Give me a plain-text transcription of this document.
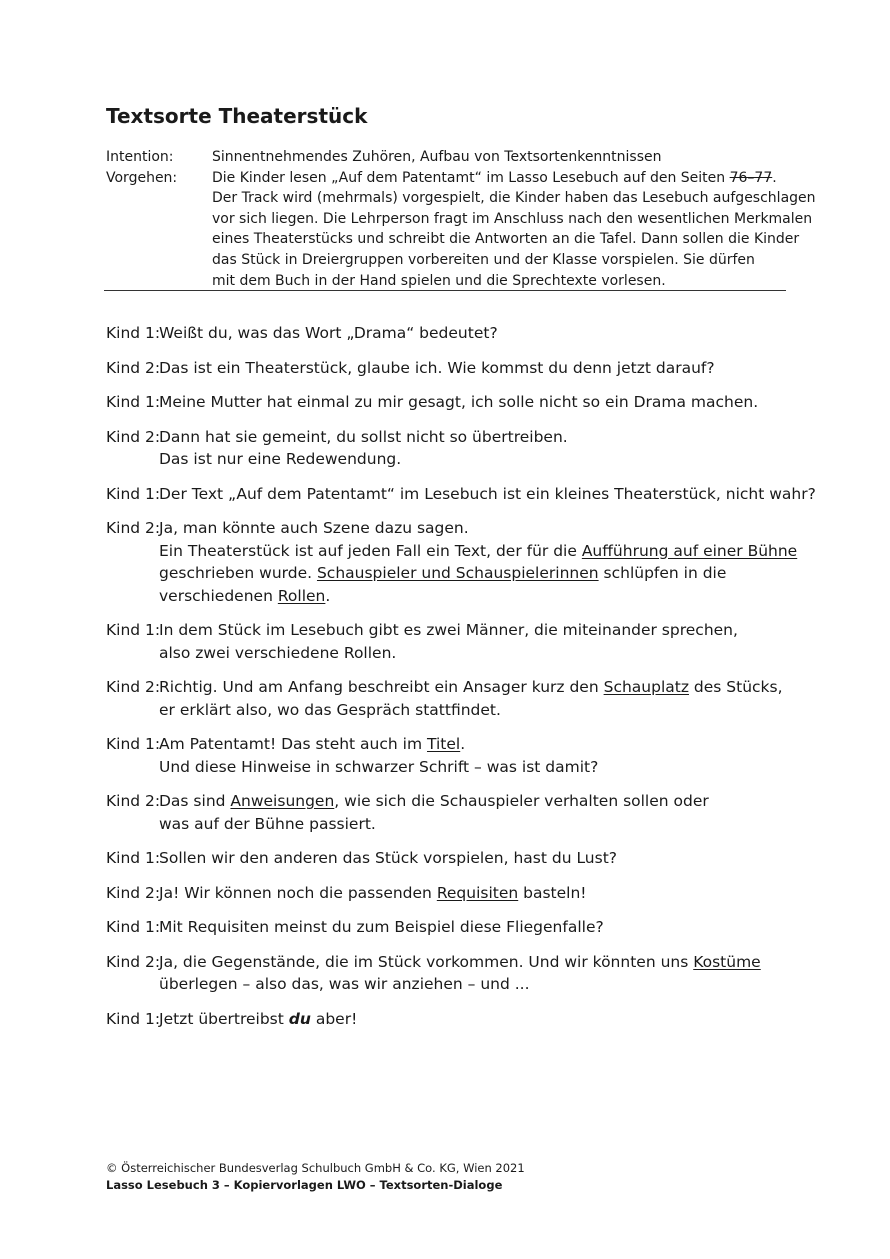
Textsorte Theaterstück
Intention:	Sinnentnehmendes Zuhören, Aufbau von Textsortenkenntnissen
Vorgehen: Die Kinder lesen „Auf dem Patentamt“ im Lasso Lesebuch auf den Seiten 76–77.
Der Track wird (mehrmals) vorgespielt, die Kinder haben das Lesebuch aufgeschlagen
vor sich liegen. Die Lehrperson fragt im Anschluss nach den wesentlichen Merkmalen
eines Theaterstücks und schreibt die Antworten an die Tafel. Dann sollen die Kinder
das Stück in Dreiergruppen vorbereiten und der Klasse vorspielen. Sie dürfen
mit dem Buch in der Hand spielen und die Sprechtexte vorlesen.
Kind 1:
Weißt du, was das Wort „Drama“ bedeutet?
Kind 2:
Das ist ein Theaterstück, glaube ich. Wie kommst du denn jetzt darauf?
Kind 1:
Meine Mutter hat einmal zu mir gesagt, ich solle nicht so ein Drama machen.
Kind 2:
Dann hat sie gemeint, du sollst nicht so übertreiben.
Das ist nur eine Redewendung.
Kind 1:
Der Text „Auf dem Patentamt“ im Lesebuch ist ein kleines Theaterstück, nicht wahr?
Kind 2:
Ja, man könnte auch Szene dazu sagen.
Ein Theaterstück ist auf jeden Fall ein Text, der für die Aufführung auf einer Bühne
geschrieben wurde. Schauspieler und Schauspielerinnen schlüpfen in die
verschiedenen Rollen.
Kind 1:
In dem Stück im Lesebuch gibt es zwei Männer, die miteinander sprechen,
also zwei verschiedene Rollen.
Kind 2:
Richtig. Und am Anfang beschreibt ein Ansager kurz den Schauplatz des Stücks,
er erklärt also, wo das Gespräch stattfindet.
Kind 1:
Am Patentamt! Das steht auch im Titel.
Und diese Hinweise in schwarzer Schrift – was ist damit?
Kind 2:
Das sind Anweisungen, wie sich die Schauspieler verhalten sollen oder
was auf der Bühne passiert.
Kind 1:
Sollen wir den anderen das Stück vorspielen, hast du Lust?
Kind 2:
Ja! Wir können noch die passenden Requisiten basteln!
Kind 1:
Mit Requisiten meinst du zum Beispiel diese Fliegenfalle?
Kind 2:
Ja, die Gegenstände, die im Stück vorkommen. Und wir könnten uns Kostüme
überlegen – also das, was wir anziehen – und ...
Kind 1:
Jetzt übertreibst du aber!
© Österreichischer Bundesverlag Schulbuch GmbH & Co. KG, Wien 2021
Lasso Lesebuch 3 – Kopiervorlagen LWO – Textsorten-Dialoge
